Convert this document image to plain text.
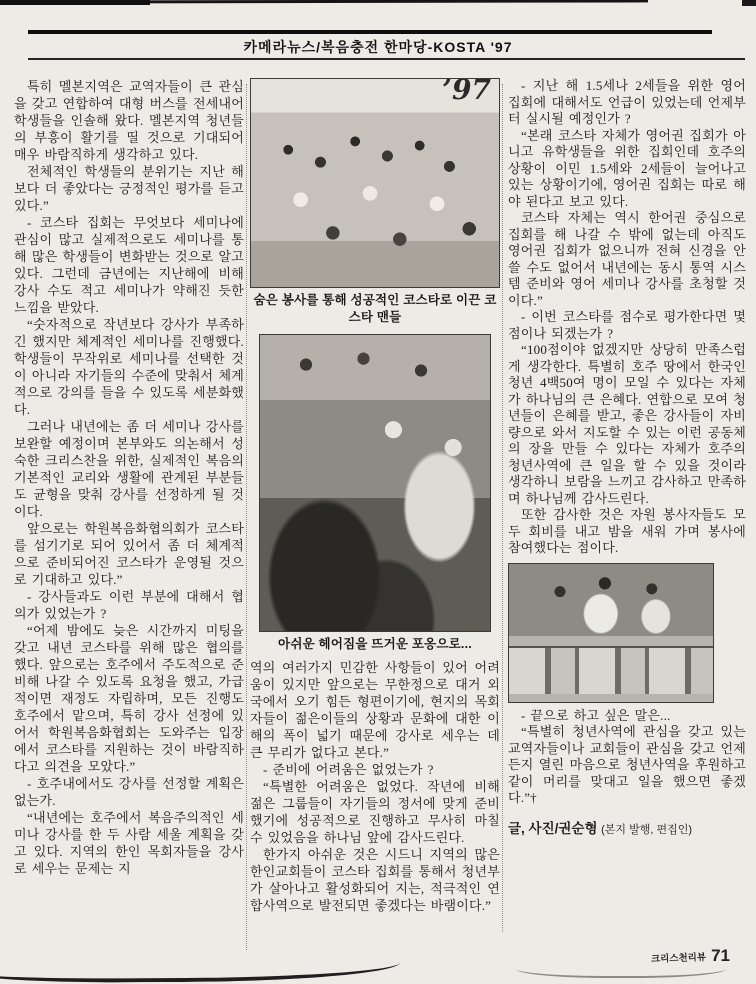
카메라뉴스/복음충전 한마당-KOSTA '97

특히 멜본지역은 교역자들이 큰 관심을 갖고 연합하여 대형 버스를 전세내어 학생들을 인솔해 왔다. 멜본지역 청년들의 부흥이 활기를 띨 것으로 기대되어 매우 바람직하게 생각하고 있다.

전체적인 학생들의 분위기는 지난 해보다 더 좋았다는 긍정적인 평가를 듣고 있다.”

- 코스타 집회는 무엇보다 세미나에 관심이 많고 실제적으로도 세미나를 통해 많은 학생들이 변화받는 것으로 알고 있다. 그런데 금년에는 지난해에 비해 강사 수도 적고 세미나가 약해진 듯한 느낌을 받았다.

“숫자적으로 작년보다 강사가 부족하긴 했지만 체계적인 세미나를 진행했다. 학생들이 무작위로 세미나를 선택한 것이 아니라 자기들의 수준에 맞춰서 체계적으로 강의를 들을 수 있도록 세분화했다.

그러나 내년에는 좀 더 세미나 강사를 보완할 예정이며 본부와도 의논해서 성숙한 크리스찬을 위한, 실제적인 복음의 기본적인 교리와 생활에 관계된 부분들도 균형을 맞춰 강사를 선정하게 될 것이다.

앞으로는 학원복음화협의회가 코스타를 섬기기로 되어 있어서 좀 더 체계적으로 준비되어진 코스타가 운영될 것으로 기대하고 있다.”

- 강사들과도 이런 부분에 대해서 협의가 있었는가 ?

“어제 밤에도 늦은 시간까지 미팅을 갖고 내년 코스타를 위해 많은 협의를 했다. 앞으로는 호주에서 주도적으로 준비해 나갈 수 있도록 요청을 했고, 가급적이면 재정도 자립하며, 모든 진행도 호주에서 맡으며, 특히 강사 선정에 있어서 학원복음화협회는 도와주는 입장에서 코스타를 지원하는 것이 바람직하다고 의견을 모았다.”

- 호주내에서도 강사를 선정할 계획은 없는가.

“내년에는 호주에서 복음주의적인 세미나 강사를 한 두 사람 세울 계획을 갖고 있다. 지역의 한인 목회자들을 강사로 세우는 문제는 지

’97
숨은 봉사를 통해 성공적인 코스타로 이끈 코스타 맨들
아쉬운 헤어짐을 뜨거운 포옹으로...

역의 여러가지 민감한 사항들이 있어 어려움이 있지만 앞으로는 무한정으로 대거 외국에서 오기 힘든 형편이기에, 현지의 목회자들이 젊은이들의 상황과 문화에 대한 이해의 폭이 넓기 때문에 강사로 세우는 데 큰 무리가 없다고 본다.”

- 준비에 어려움은 없었는가 ?

“특별한 어려움은 없었다. 작년에 비해 젊은 그룹들이 자기들의 정서에 맞게 준비했기에 성공적으로 진행하고 무사히 마칠 수 있었음을 하나님 앞에 감사드린다.

한가지 아쉬운 것은 시드니 지역의 많은 한인교회들이 코스타 집회를 통해서 청년부가 살아나고 활성화되어 지는, 적극적인 연합사역으로 발전되면 좋겠다는 바램이다.”

- 지난 해 1.5세나 2세들을 위한 영어 집회에 대해서도 언급이 있었는데 언제부터 실시될 예정인가 ?

“본래 코스타 자체가 영어권 집회가 아니고 유학생들을 위한 집회인데 호주의 상황이 이민 1.5세와 2세들이 늘어나고 있는 상황이기에, 영어권 집회는 따로 해야 된다고 보고 있다.

코스타 자체는 역시 한어권 중심으로 집회를 해 나갈 수 밖에 없는데 아직도 영어권 집회가 없으니까 전혀 신경을 안 쓸 수도 없어서 내년에는 동시 통역 시스템 준비와 영어 세미나 강사를 초청할 것이다.”

- 이번 코스타를 점수로 평가한다면 몇점이나 되겠는가 ?

“100점이야 없겠지만 상당히 만족스럽게 생각한다. 특별히 호주 땅에서 한국인 청년 4백50여 명이 모일 수 있다는 자체가 하나님의 큰 은혜다. 연합으로 모여 청년들이 은혜를 받고, 좋은 강사들이 자비량으로 와서 지도할 수 있는 이런 공동체의 장을 만들 수 있다는 자체가 호주의 청년사역에 큰 일을 할 수 있을 것이라 생각하니 보람을 느끼고 감사하고 만족하며 하나님께 감사드린다.

또한 감사한 것은 자원 봉사자들도 모두 회비를 내고 밤을 새워 가며 봉사에 참여했다는 점이다.

- 끝으로 하고 싶은 말은...

“특별히 청년사역에 관심을 갖고 있는 교역자들이나 교회들이 관심을 갖고 언제든지 열린 마음으로 청년사역을 후원하고 같이 머리를 맞대고 일을 했으면 좋겠다.”†

글, 사진/권순형 (본지 발행, 편집인)
크리스천리뷰 71
